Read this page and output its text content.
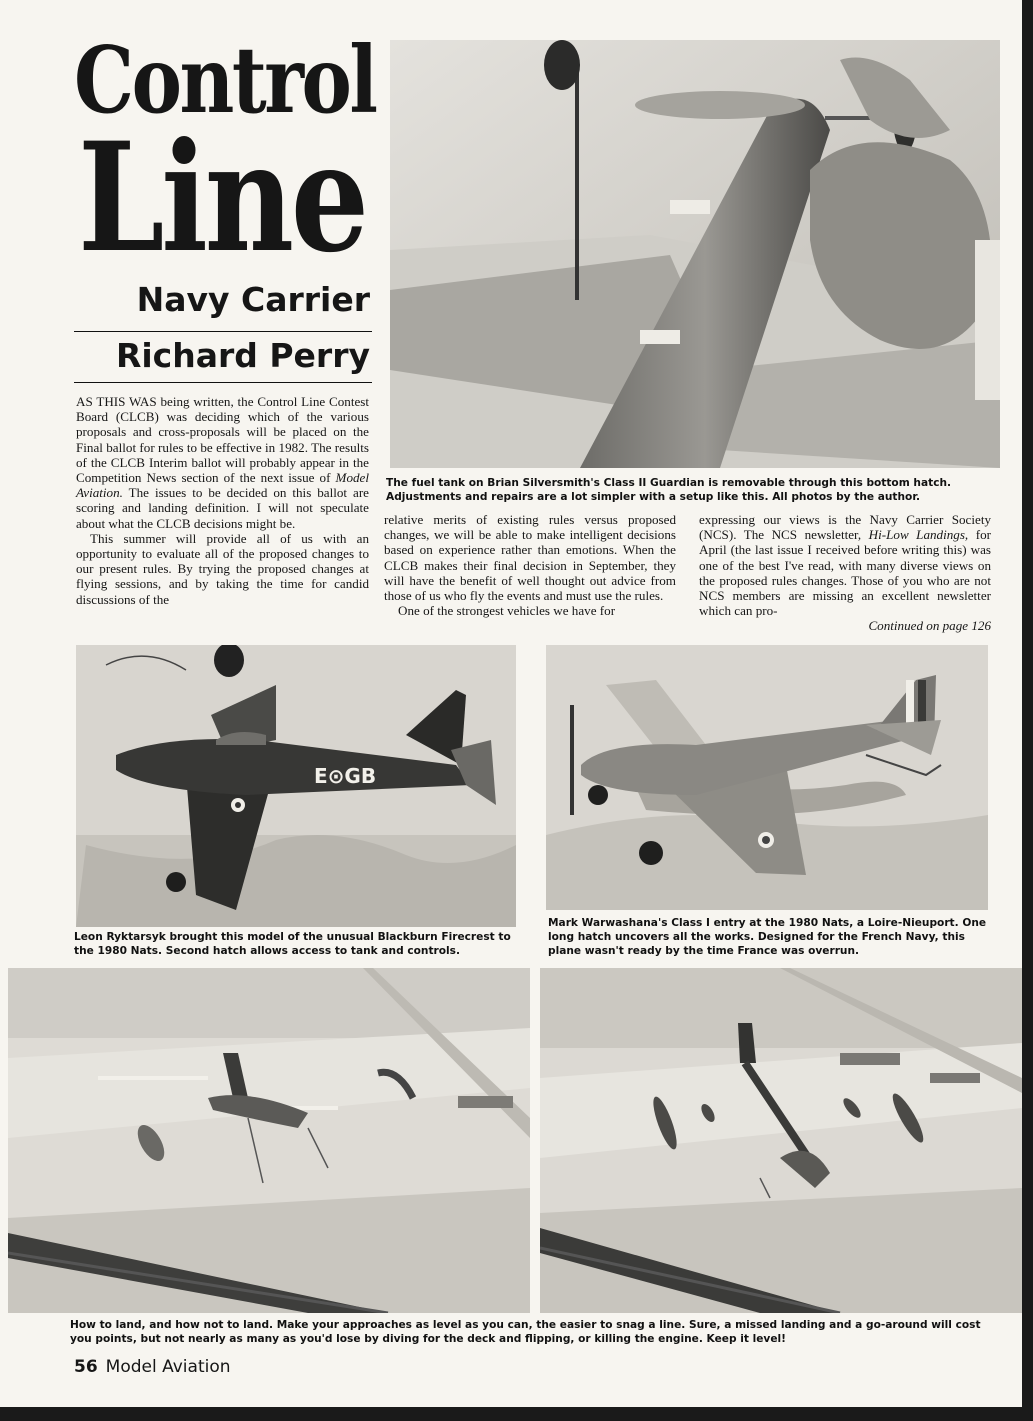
Control
Line
Navy Carrier
Richard Perry

AS THIS WAS being written, the Control Line Contest Board (CLCB) was deciding which of the various proposals and cross-proposals will be placed on the Final ballot for rules to be effective in 1982. The results of the CLCB Interim ballot will probably appear in the Competition News section of the next issue of Model Aviation. The issues to be decided on this ballot are scoring and landing definition. I will not speculate about what the CLCB decisions might be.

This summer will provide all of us with an opportunity to evaluate all of the proposed changes to our present rules. By trying the proposed changes at flying sessions, and by taking the time for candid discussions of the

The fuel tank on Brian Silversmith's Class II Guardian is removable through this bottom hatch. Adjustments and repairs are a lot simpler with a setup like this. All photos by the author.

relative merits of existing rules versus proposed changes, we will be able to make intelligent decisions based on experience rather than emotions. When the CLCB makes their final decision in September, they will have the benefit of well thought out advice from those of us who fly the events and must use the rules.

One of the strongest vehicles we have for

expressing our views is the Navy Carrier Society (NCS). The NCS newsletter, Hi-Low Landings, for April (the last issue I received before writing this) was one of the best I've read, with many diverse views on the proposed rules changes. Those of you who are not NCS members are missing an excellent newsletter which can pro-

Continued on page 126

E⊙GB
Leon Ryktarsyk brought this model of the unusual Blackburn Firecrest to the 1980 Nats. Second hatch allows access to tank and controls.
Mark Warwashana's Class I entry at the 1980 Nats, a Loire-Nieuport. One long hatch uncovers all the works. Designed for the French Navy, this plane wasn't ready by the time France was overrun.
How to land, and how not to land. Make your approaches as level as you can, the easier to snag a line. Sure, a missed landing and a go-around will cost you points, but not nearly as many as you'd lose by diving for the deck and flipping, or killing the engine. Keep it level!
56 Model Aviation
